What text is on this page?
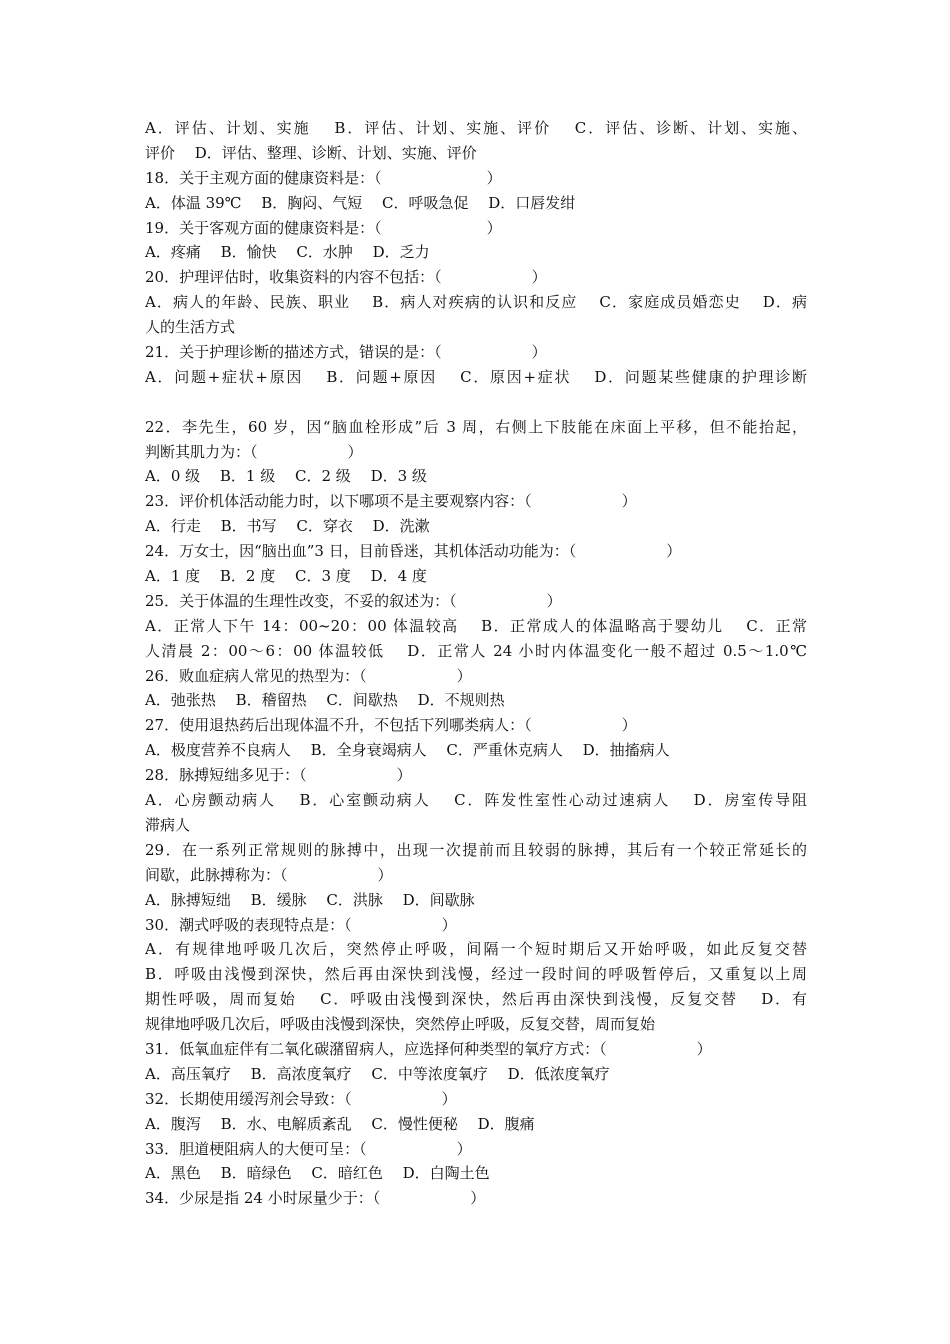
A．评估、计划、实施　 B．评估、计划、实施、评价　 C．评估、诊断、计划、实施、
评价　 D．评估、整理、诊断、计划、实施、评价
18．关于主观方面的健康资料是：（　　　　　　　）
A．体温 39℃　 B．胸闷、气短　 C．呼吸急促　 D．口唇发绀
19．关于客观方面的健康资料是：（　　　　　　　）
A．疼痛　 B．愉快　 C．水肿　 D．乏力
20．护理评估时，收集资料的内容不包括：（　　　　　　）
A．病人的年龄、民族、职业　 B．病人对疾病的认识和反应　 C．家庭成员婚恋史　 D．病
人的生活方式
21．关于护理诊断的描述方式，错误的是：（　　　　　　）
A．问题+症状+原因　 B．问题+原因　 C．原因+症状　 D．问题某些健康的护理诊断
22．李先生，60 岁，因“脑血栓形成”后 3 周，右侧上下肢能在床面上平移，但不能抬起，
判断其肌力为：（　　　　　　）
A．0 级　 B．1 级　 C．2 级　 D．3 级
23．评价机体活动能力时，以下哪项不是主要观察内容：（　　　　　　）
A．行走　 B．书写　 C．穿衣　 D．洗漱
24．万女士，因“脑出血”3 日，目前昏迷，其机体活动功能为：（　　　　　　）
A．1 度　 B．2 度　 C．3 度　 D．4 度
25．关于体温的生理性改变，不妥的叙述为：（　　　　　　）
A．正常人下午 14：00~20：00 体温较高　 B．正常成人的体温略高于婴幼儿　 C．正常
人清晨 2：00～6：00 体温较低　 D．正常人 24 小时内体温变化一般不超过 0.5～1.0℃
26．败血症病人常见的热型为：（　　　　　　）
A．弛张热　 B．稽留热　 C．间歇热　 D．不规则热
27．使用退热药后出现体温不升，不包括下列哪类病人：（　　　　　　）
A．极度营养不良病人　 B．全身衰竭病人　 C．严重休克病人　 D．抽搐病人
28．脉搏短绌多见于：（　　　　　　）
A．心房颤动病人　 B．心室颤动病人　 C．阵发性室性心动过速病人　 D．房室传导阻
滞病人
29．在一系列正常规则的脉搏中，出现一次提前而且较弱的脉搏，其后有一个较正常延长的
间歇，此脉搏称为：（　　　　　　）
A．脉搏短绌　 B．缓脉　 C．洪脉　 D．间歇脉
30．潮式呼吸的表现特点是：（　　　　　　）
A．有规律地呼吸几次后，突然停止呼吸，间隔一个短时期后又开始呼吸，如此反复交替
B．呼吸由浅慢到深快，然后再由深快到浅慢，经过一段时间的呼吸暂停后，又重复以上周
期性呼吸，周而复始　 C．呼吸由浅慢到深快，然后再由深快到浅慢，反复交替　 D．有
规律地呼吸几次后，呼吸由浅慢到深快，突然停止呼吸，反复交替，周而复始
31．低氧血症伴有二氧化碳潴留病人，应选择何种类型的氧疗方式：（　　　　　　）
A．高压氧疗　 B．高浓度氧疗　 C．中等浓度氧疗　 D．低浓度氧疗
32．长期使用缓泻剂会导致：（　　　　　　）
A．腹泻　 B．水、电解质紊乱　 C．慢性便秘　 D．腹痛
33．胆道梗阻病人的大便可呈：（　　　　　　）
A．黑色　 B．暗绿色　 C．暗红色　 D．白陶土色
34．少尿是指 24 小时尿量少于：（　　　　　　）
